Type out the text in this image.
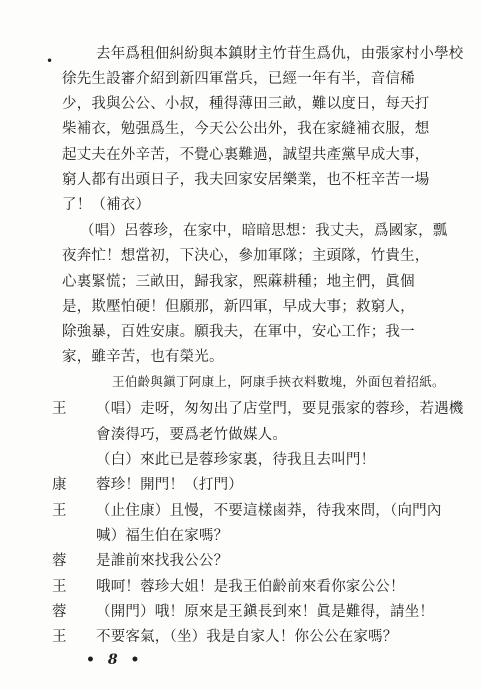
•	去年爲租佃糾紛與本鎮財主竹苷生爲仇，由張家村小學校
徐先生設審介紹到新四軍當兵，已經一年有半，音信稀
少，我與公公、小叔，種得薄田三畝，難以度日，每天打
柴補衣，勉强爲生，今天公公出外，我在家縫補衣服，想
起丈夫在外辛苦，不覺心裏難過，誠望共產黨早成大事，
窮人都有出頭日子，我夫回家安居樂業，也不枉辛苦一場
了！（補衣）
（唱）呂蓉珍，在家中，暗暗思想：我丈夫，爲國家，瓢
夜奔忙！想當初，下決心，參加軍隊；主頭隊，竹貴生，
心裏緊慌；三畝田，歸我家，熙蔴耕種；地主們，眞個
是，欺壓怕硬！但願那，新四軍，早成大事；救窮人，
除強暴，百姓安康。願我夫，在軍中，安心工作；我一
家，雖辛苦，也有榮光。
王伯齡與鎭丁阿康上，阿康手挾衣料數塊，外面包着招紙。
王 （唱）走呀，匆匆出了店堂門，要見張家的蓉珍，若遇機
會湊得巧，要爲老竹做媒人。
（白）來此已是蓉珍家裏，待我且去叫門！
康 蓉珍！開門！（打門）
王 （止住康）且慢，不要這樣鹵莽，待我來問，（向門內
喊）福生伯在家嗎？
蓉 是誰前來找我公公？
王 哦呵！蓉珍大姐！是我王伯齡前來看你家公公！
蓉 （開門）哦！原來是王鎭長到來！眞是難得，請坐！
王 不要客氣，（坐）我是自家人！你公公在家嗎？
• 8 •
